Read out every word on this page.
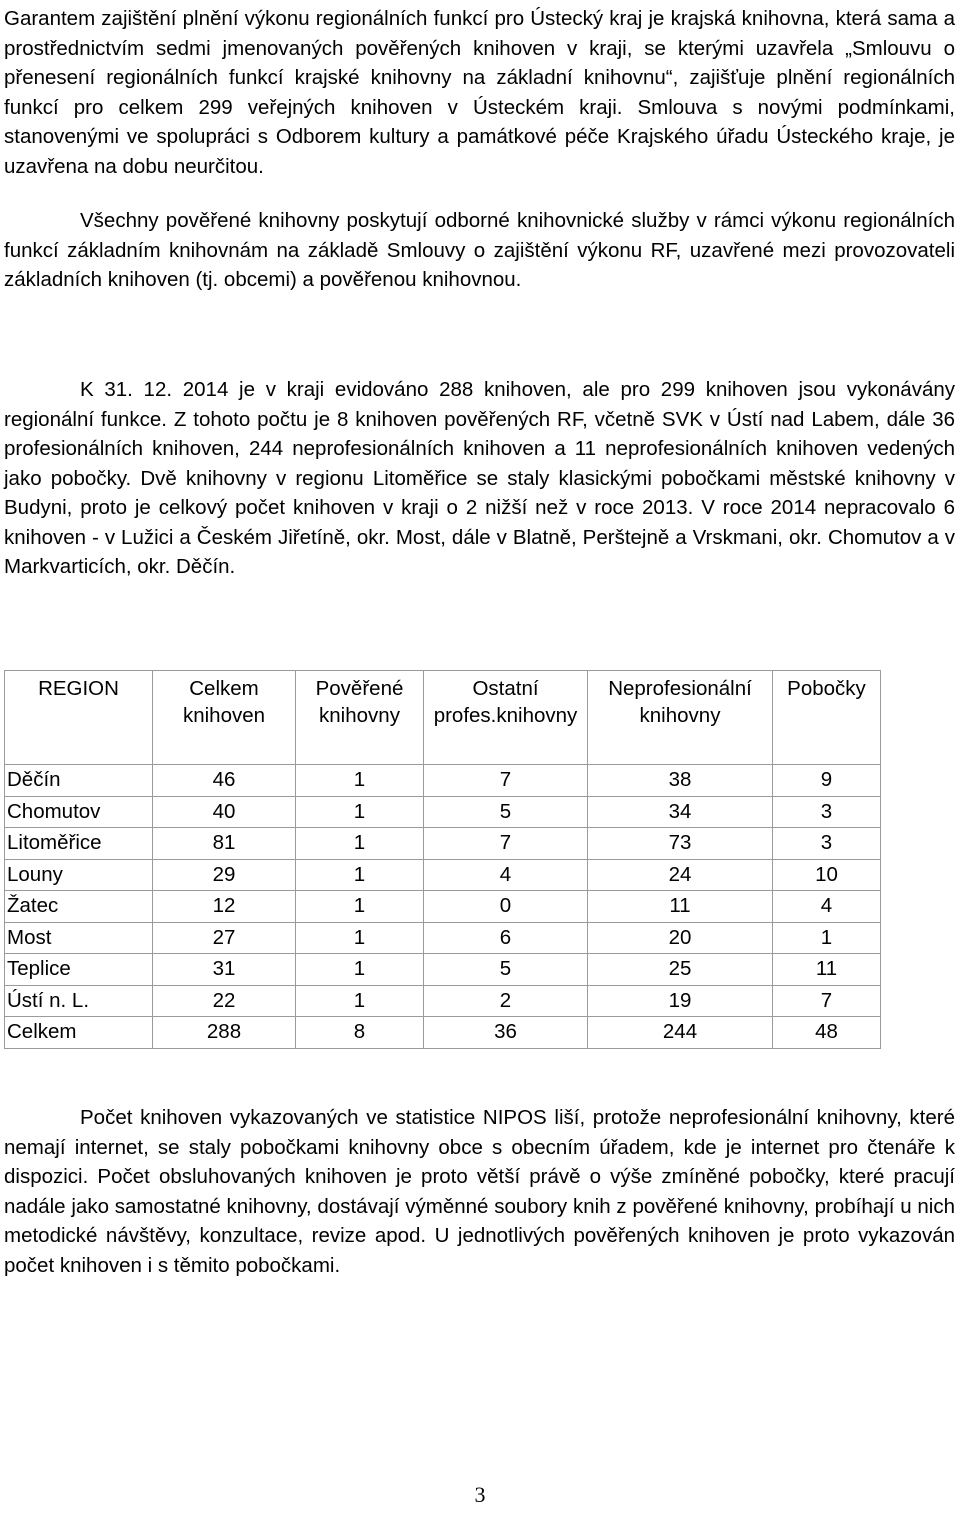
Garantem zajištění plnění výkonu regionálních funkcí pro Ústecký kraj je krajská knihovna, která sama a prostřednictvím sedmi jmenovaných pověřených knihoven v kraji, se kterými uzavřela „Smlouvu o přenesení regionálních funkcí krajské knihovny na základní knihovnu“, zajišťuje plnění regionálních funkcí pro celkem 299 veřejných knihoven v Ústeckém kraji. Smlouva s novými podmínkami, stanovenými ve spolupráci s Odborem kultury a památkové péče Krajského úřadu Ústeckého kraje, je uzavřena na dobu neurčitou.

Všechny pověřené knihovny poskytují odborné knihovnické služby v rámci výkonu regionálních funkcí základním knihovnám na základě Smlouvy o zajištění výkonu RF, uzavřené mezi provozovateli základních knihoven (tj. obcemi) a pověřenou knihovnou.

K 31. 12. 2014 je v kraji evidováno 288 knihoven, ale pro 299 knihoven jsou vykonávány regionální funkce. Z tohoto počtu je 8 knihoven pověřených RF, včetně SVK v Ústí nad Labem, dále 36 profesionálních knihoven, 244 neprofesionálních knihoven a 11 neprofesionálních knihoven vedených jako pobočky. Dvě knihovny v regionu Litoměřice se staly klasickými pobočkami městské knihovny v Budyni, proto je celkový počet knihoven v kraji o 2 nižší než v roce 2013. V roce 2014 nepracovalo 6 knihoven - v Lužici a Českém Jiřetíně, okr. Most, dále v Blatně, Perštejně a Vrskmani, okr. Chomutov a v Markvarticích, okr. Děčín.

REGION	Celkem knihoven	Pověřené knihovny	Ostatní profes.knihovny	Neprofesionální knihovny	Pobočky
Děčín	46	1	7	38	9
Chomutov	40	1	5	34	3
Litoměřice	81	1	7	73	3
Louny	29	1	4	24	10
Žatec	12	1	0	11	4
Most	27	1	6	20	1
Teplice	31	1	5	25	11
Ústí n. L.	22	1	2	19	7
Celkem	288	8	36	244	48

Počet knihoven vykazovaných ve statistice NIPOS liší, protože neprofesionální knihovny, které nemají internet, se staly pobočkami knihovny obce s obecním úřadem, kde je internet pro čtenáře k dispozici. Počet obsluhovaných knihoven je proto větší právě o výše zmíněné pobočky, které pracují nadále jako samostatné knihovny, dostávají výměnné soubory knih z pověřené knihovny, probíhají u nich metodické návštěvy, konzultace, revize apod. U jednotlivých pověřených knihoven je proto vykazován počet knihoven i s těmito pobočkami.

3
